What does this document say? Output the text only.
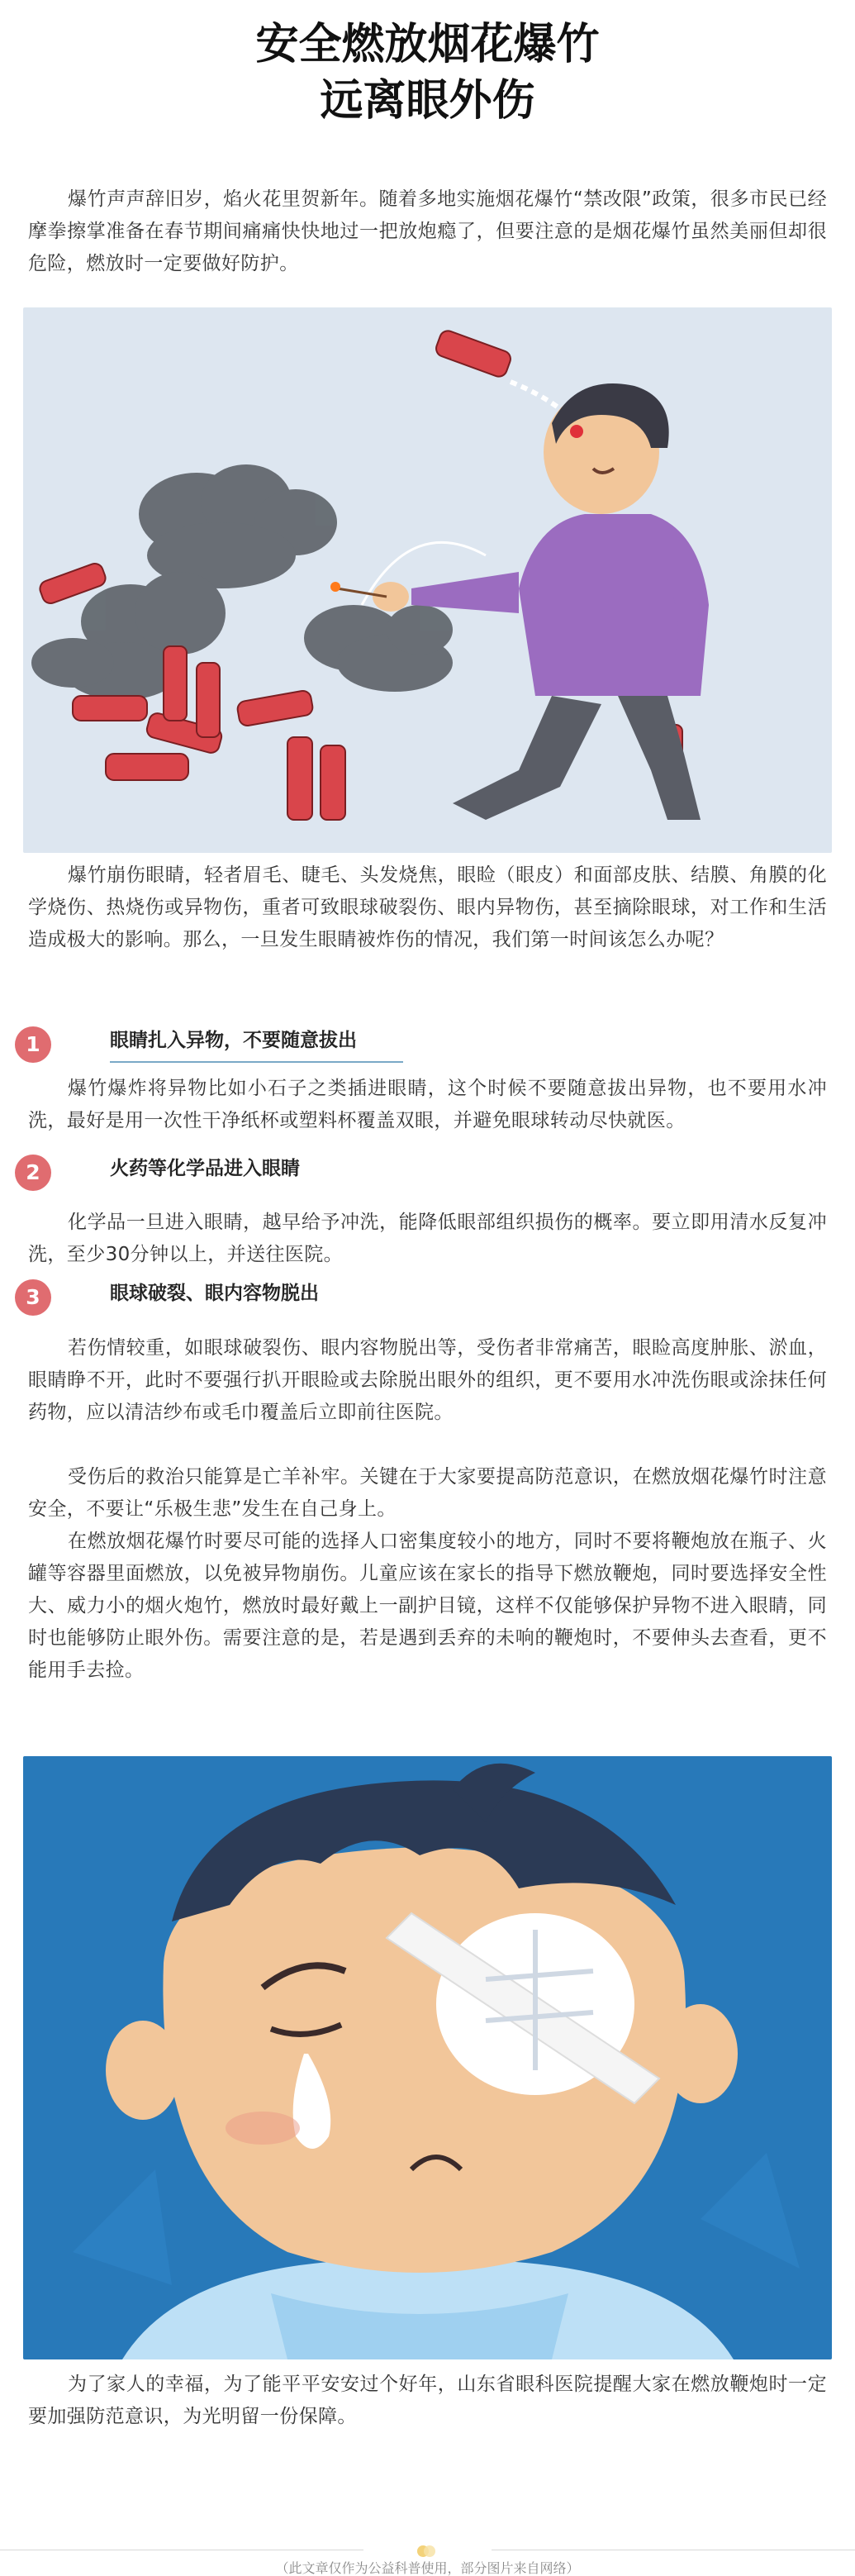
安全燃放烟花爆竹
远离眼外伤

爆竹声声辞旧岁，焰火花里贺新年。随着多地实施烟花爆竹“禁改限”政策，很多市民已经摩拳擦掌准备在春节期间痛痛快快地过一把放炮瘾了，但要注意的是烟花爆竹虽然美丽但却很危险，燃放时一定要做好防护。

爆竹崩伤眼睛，轻者眉毛、睫毛、头发烧焦，眼睑（眼皮）和面部皮肤、结膜、角膜的化学烧伤、热烧伤或异物伤，重者可致眼球破裂伤、眼内异物伤，甚至摘除眼球，对工作和生活造成极大的影响。那么，一旦发生眼睛被炸伤的情况，我们第一时间该怎么办呢？

1	眼睛扎入异物，不要随意拔出

爆竹爆炸将异物比如小石子之类插进眼睛，这个时候不要随意拔出异物，也不要用水冲洗，最好是用一次性干净纸杯或塑料杯覆盖双眼，并避免眼球转动尽快就医。

2	火药等化学品进入眼睛

化学品一旦进入眼睛，越早给予冲洗，能降低眼部组织损伤的概率。要立即用清水反复冲洗，至少30分钟以上，并送往医院。

3	眼球破裂、眼内容物脱出

若伤情较重，如眼球破裂伤、眼内容物脱出等，受伤者非常痛苦，眼睑高度肿胀、淤血，眼睛睁不开，此时不要强行扒开眼睑或去除脱出眼外的组织，更不要用水冲洗伤眼或涂抹任何药物，应以清洁纱布或毛巾覆盖后立即前往医院。

受伤后的救治只能算是亡羊补牢。关键在于大家要提高防范意识，在燃放烟花爆竹时注意安全，不要让“乐极生悲”发生在自己身上。

在燃放烟花爆竹时要尽可能的选择人口密集度较小的地方，同时不要将鞭炮放在瓶子、火罐等容器里面燃放，以免被异物崩伤。儿童应该在家长的指导下燃放鞭炮，同时要选择安全性大、威力小的烟火炮竹，燃放时最好戴上一副护目镜，这样不仅能够保护异物不进入眼睛，同时也能够防止眼外伤。需要注意的是，若是遇到丢弃的未响的鞭炮时，不要伸头去查看，更不能用手去捡。

为了家人的幸福，为了能平平安安过个好年，山东省眼科医院提醒大家在燃放鞭炮时一定要加强防范意识，为光明留一份保障。

（此文章仅作为公益科普使用，部分图片来自网络）
